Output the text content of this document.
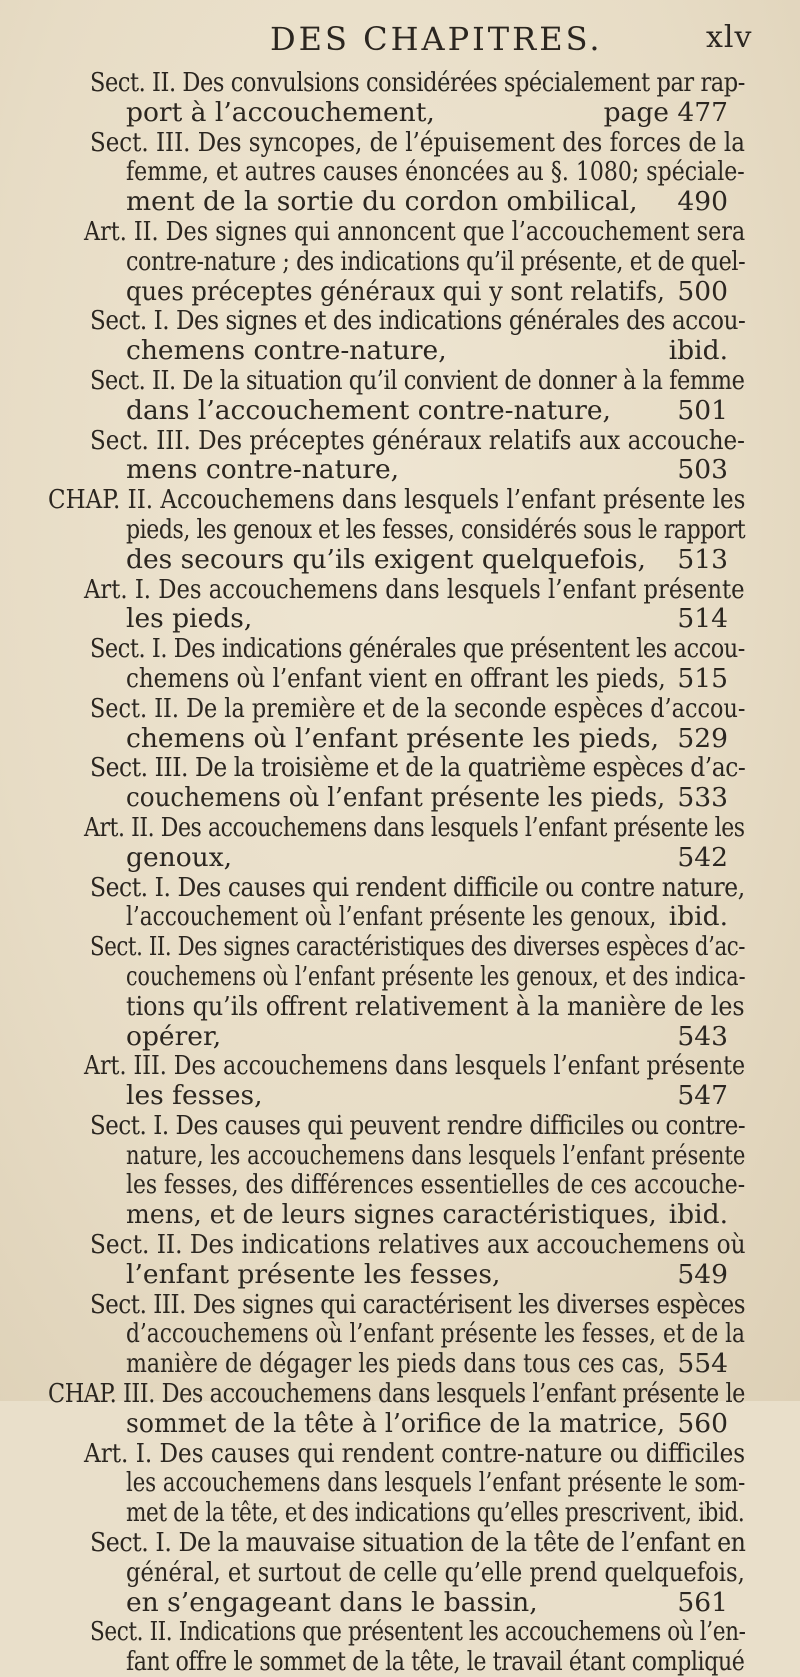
DES CHAPITRES.	xlv
Sect. II. Des convulsions considérées spécialement par rap-
port à l’accouchement,	page 477
Sect. III. Des syncopes, de l’épuisement des forces de la
femme, et autres causes énoncées au §. 1080; spéciale-
ment de la sortie du cordon ombilical, 490
Art. II. Des signes qui annoncent que l’accouchement sera
contre-nature ; des indications qu’il présente, et de quel-
ques préceptes généraux qui y sont relatifs, 500
Sect. I. Des signes et des indications générales des accou-
chemens contre-nature,	ibid.
Sect. II. De la situation qu’il convient de donner à la femme
dans l’accouchement contre-nature,	501
Sect. III. Des préceptes généraux relatifs aux accouche-
mens contre-nature,	503
CHAP. II. Accouchemens dans lesquels l’enfant présente les
pieds, les genoux et les fesses, considérés sous le rapport
des secours qu’ils exigent quelquefois, 513
Art. I. Des accouchemens dans lesquels l’enfant présente
les pieds,	514
Sect. I. Des indications générales que présentent les accou-
chemens où l’enfant vient en offrant les pieds, 515
Sect. II. De la première et de la seconde espèces d’accou-
chemens où l’enfant présente les pieds, 529
Sect. III. De la troisième et de la quatrième espèces d’ac-
couchemens où l’enfant présente les pieds, 533
Art. II. Des accouchemens dans lesquels l’enfant présente les
genoux,	542
Sect. I. Des causes qui rendent difficile ou contre nature,
l’accouchement où l’enfant présente les genoux, ibid.
Sect. II. Des signes caractéristiques des diverses espèces d’ac-
couchemens où l’enfant présente les genoux, et des indica-
tions qu’ils offrent relativement à la manière de les
opérer,	543
Art. III. Des accouchemens dans lesquels l’enfant présente
les fesses,	547
Sect. I. Des causes qui peuvent rendre difficiles ou contre-
nature, les accouchemens dans lesquels l’enfant présente
les fesses, des différences essentielles de ces accouche-
mens, et de leurs signes caractéristiques, ibid.
Sect. II. Des indications relatives aux accouchemens où
l’enfant présente les fesses,	549
Sect. III. Des signes qui caractérisent les diverses espèces
d’accouchemens où l’enfant présente les fesses, et de la
manière de dégager les pieds dans tous ces cas, 554
CHAP. III. Des accouchemens dans lesquels l’enfant présente le
sommet de la tête à l’orifice de la matrice, 560
Art. I. Des causes qui rendent contre-nature ou difficiles
les accouchemens dans lesquels l’enfant présente le som-
met de la tête, et des indications qu’elles prescrivent, ibid.
Sect. I. De la mauvaise situation de la tête de l’enfant en
général, et surtout de celle qu’elle prend quelquefois,
en s’engageant dans le bassin,	561
Sect. II. Indications que présentent les accouchemens où l’en-
fant offre le sommet de la tête, le travail étant compliqué
